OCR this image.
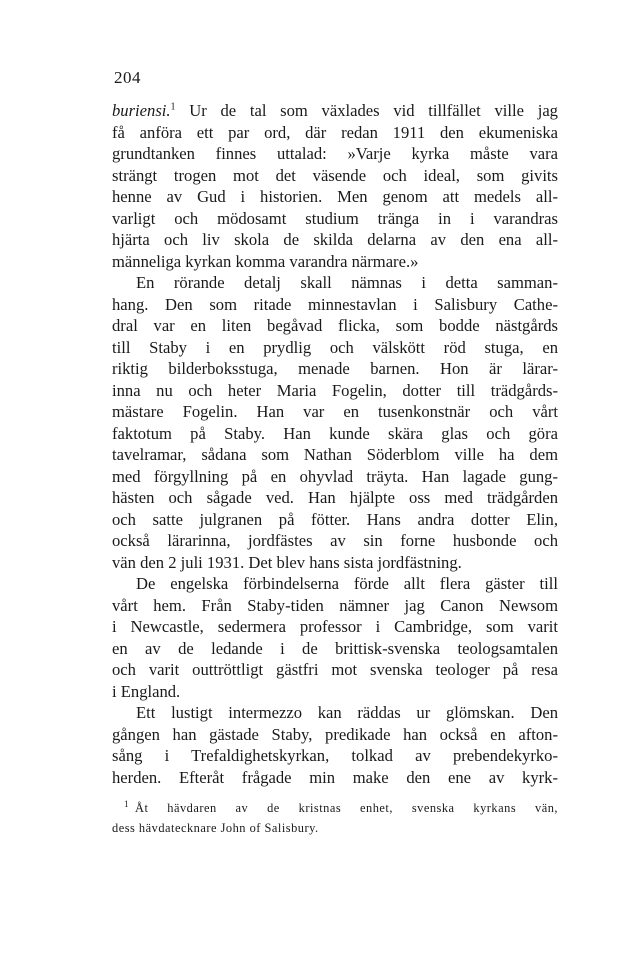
204
buriensi.$^1$ Ur de tal som växlades vid tillfället ville jag
få anföra ett par ord, där redan 1911 den ekumeniska
grundtanken finnes uttalad: »Varje kyrka måste vara
strängt trogen mot det väsende och ideal, som givits
henne av Gud i historien. Men genom att medels all-
varligt och mödosamt studium tränga in i varandras
hjärta och liv skola de skilda delarna av den ena all-
männeliga kyrkan komma varandra närmare.»
En rörande detalj skall nämnas i detta samman-
hang. Den som ritade minnestavlan i Salisbury Cathe-
dral var en liten begåvad flicka, som bodde nästgårds
till Staby i en prydlig och välskött röd stuga, en
riktig bilderboksstuga, menade barnen. Hon är lärar-
inna nu och heter Maria Fogelin, dotter till trädgårds-
mästare Fogelin. Han var en tusenkonstnär och vårt
faktotum på Staby. Han kunde skära glas och göra
tavelramar, sådana som Nathan Söderblom ville ha dem
med förgyllning på en ohyvlad träyta. Han lagade gung-
hästen och sågade ved. Han hjälpte oss med trädgården
och satte julgranen på fötter. Hans andra dotter Elin,
också lärarinna, jordfästes av sin forne husbonde och
vän den 2 juli 1931. Det blev hans sista jordfästning.
De engelska förbindelserna förde allt flera gäster till
vårt hem. Från Staby-tiden nämner jag Canon Newsom
i Newcastle, sedermera professor i Cambridge, som varit
en av de ledande i de brittisk-svenska teologsamtalen
och varit outtröttligt gästfri mot svenska teologer på resa
i England.
Ett lustigt intermezzo kan räddas ur glömskan. Den
gången han gästade Staby, predikade han också en afton-
sång i Trefaldighetskyrkan, tolkad av prebendekyrko-
herden. Efteråt frågade min make den ene av kyrk-
$^1$ Åt hävdaren av de kristnas enhet, svenska kyrkans vän,
dess hävdatecknare John of Salisbury.
